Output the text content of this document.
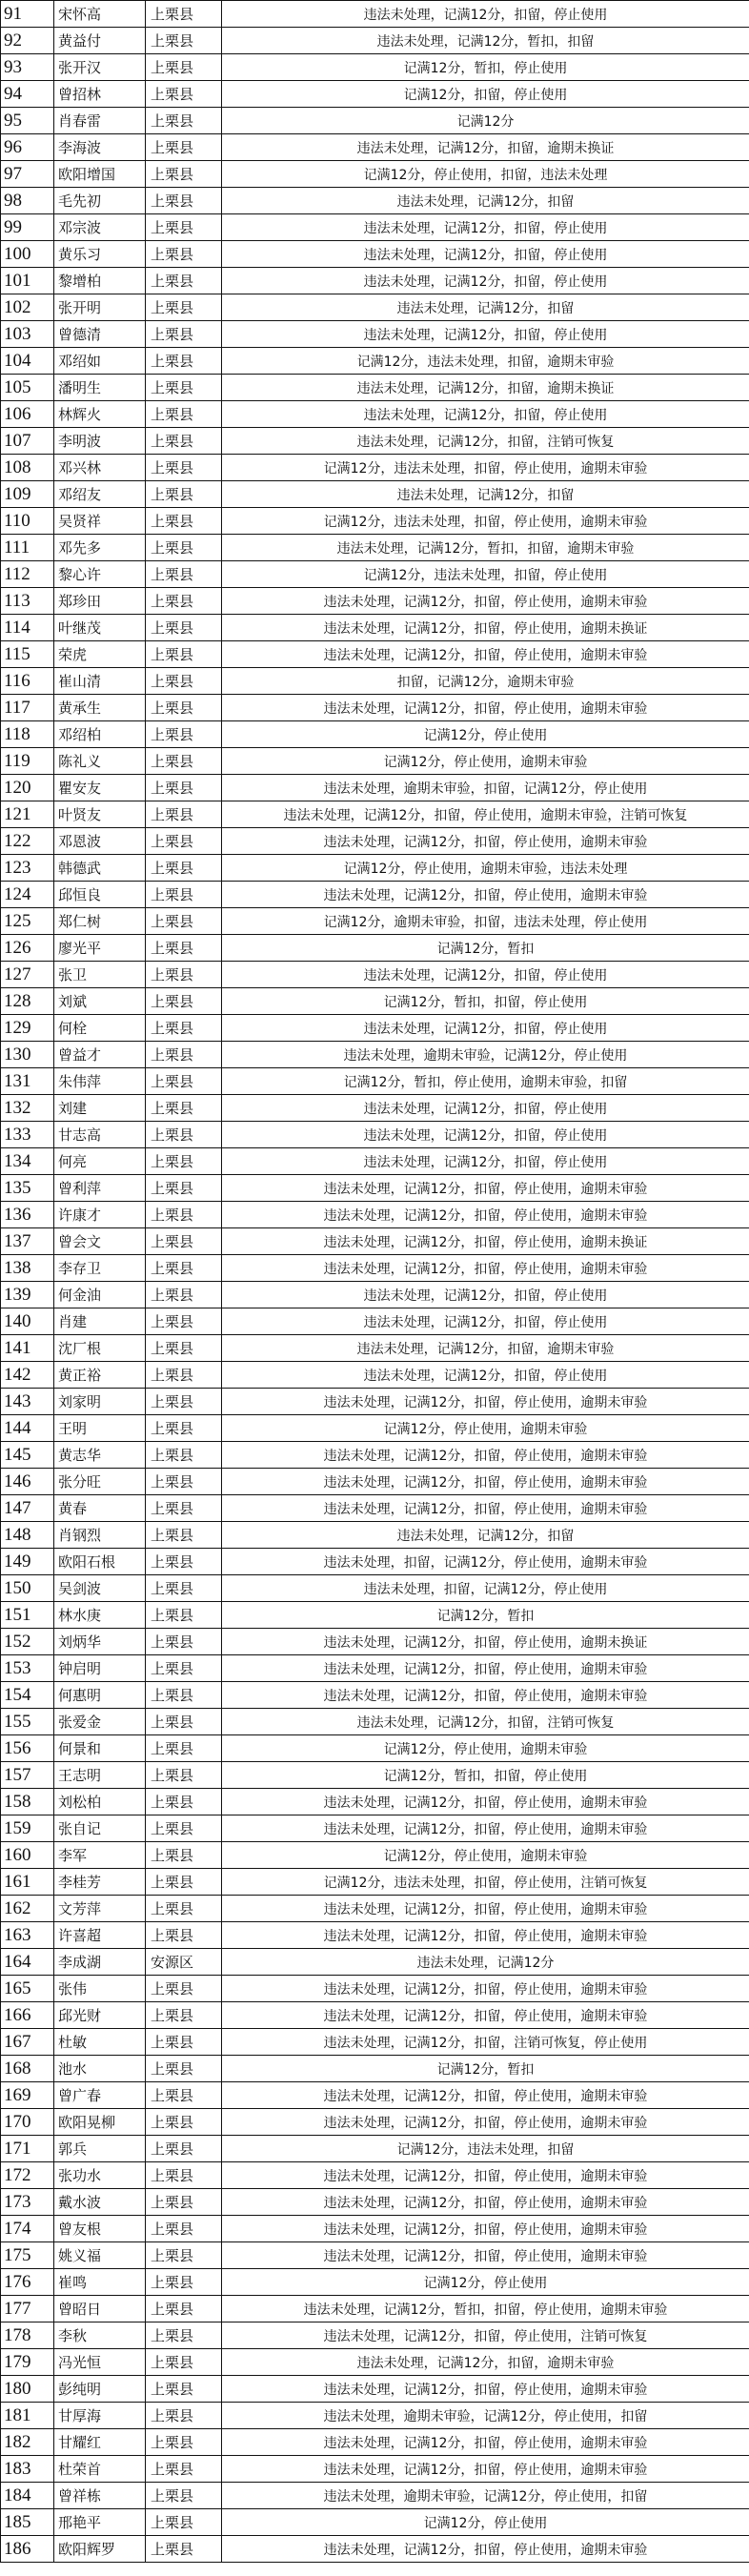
91	宋怀高	上栗县	违法未处理，记满12分，扣留，停止使用
92	黄益付	上栗县	违法未处理，记满12分，暂扣，扣留
93	张开汉	上栗县	记满12分，暂扣，停止使用
94	曾招林	上栗县	记满12分，扣留，停止使用
95	肖春雷	上栗县	记满12分
96	李海波	上栗县	违法未处理，记满12分，扣留，逾期未换证
97	欧阳增国	上栗县	记满12分，停止使用，扣留，违法未处理
98	毛先初	上栗县	违法未处理，记满12分，扣留
99	邓宗波	上栗县	违法未处理，记满12分，扣留，停止使用
100	黄乐习	上栗县	违法未处理，记满12分，扣留，停止使用
101	黎增柏	上栗县	违法未处理，记满12分，扣留，停止使用
102	张开明	上栗县	违法未处理，记满12分，扣留
103	曾德清	上栗县	违法未处理，记满12分，扣留，停止使用
104	邓绍如	上栗县	记满12分，违法未处理，扣留，逾期未审验
105	潘明生	上栗县	违法未处理，记满12分，扣留，逾期未换证
106	林辉火	上栗县	违法未处理，记满12分，扣留，停止使用
107	李明波	上栗县	违法未处理，记满12分，扣留，注销可恢复
108	邓兴林	上栗县	记满12分，违法未处理，扣留，停止使用，逾期未审验
109	邓绍友	上栗县	违法未处理，记满12分，扣留
110	吴贤祥	上栗县	记满12分，违法未处理，扣留，停止使用，逾期未审验
111	邓先多	上栗县	违法未处理，记满12分，暂扣，扣留，逾期未审验
112	黎心许	上栗县	记满12分，违法未处理，扣留，停止使用
113	郑珍田	上栗县	违法未处理，记满12分，扣留，停止使用，逾期未审验
114	叶继茂	上栗县	违法未处理，记满12分，扣留，停止使用，逾期未换证
115	荣虎	上栗县	违法未处理，记满12分，扣留，停止使用，逾期未审验
116	崔山清	上栗县	扣留，记满12分，逾期未审验
117	黄承生	上栗县	违法未处理，记满12分，扣留，停止使用，逾期未审验
118	邓绍柏	上栗县	记满12分，停止使用
119	陈礼义	上栗县	记满12分，停止使用，逾期未审验
120	瞿安友	上栗县	违法未处理，逾期未审验，扣留，记满12分，停止使用
121	叶贤友	上栗县	违法未处理，记满12分，扣留，停止使用，逾期未审验，注销可恢复
122	邓恩波	上栗县	违法未处理，记满12分，扣留，停止使用，逾期未审验
123	韩德武	上栗县	记满12分，停止使用，逾期未审验，违法未处理
124	邱恒良	上栗县	违法未处理，记满12分，扣留，停止使用，逾期未审验
125	郑仁树	上栗县	记满12分，逾期未审验，扣留，违法未处理，停止使用
126	廖光平	上栗县	记满12分，暂扣
127	张卫	上栗县	违法未处理，记满12分，扣留，停止使用
128	刘斌	上栗县	记满12分，暂扣，扣留，停止使用
129	何栓	上栗县	违法未处理，记满12分，扣留，停止使用
130	曾益才	上栗县	违法未处理，逾期未审验，记满12分，停止使用
131	朱伟萍	上栗县	记满12分，暂扣，停止使用，逾期未审验，扣留
132	刘建	上栗县	违法未处理，记满12分，扣留，停止使用
133	甘志高	上栗县	违法未处理，记满12分，扣留，停止使用
134	何亮	上栗县	违法未处理，记满12分，扣留，停止使用
135	曾利萍	上栗县	违法未处理，记满12分，扣留，停止使用，逾期未审验
136	许康才	上栗县	违法未处理，记满12分，扣留，停止使用，逾期未审验
137	曾会文	上栗县	违法未处理，记满12分，扣留，停止使用，逾期未换证
138	李存卫	上栗县	违法未处理，记满12分，扣留，停止使用，逾期未审验
139	何金油	上栗县	违法未处理，记满12分，扣留，停止使用
140	肖建	上栗县	违法未处理，记满12分，扣留，停止使用
141	沈厂根	上栗县	违法未处理，记满12分，扣留，逾期未审验
142	黄正裕	上栗县	违法未处理，记满12分，扣留，停止使用
143	刘家明	上栗县	违法未处理，记满12分，扣留，停止使用，逾期未审验
144	王明	上栗县	记满12分，停止使用，逾期未审验
145	黄志华	上栗县	违法未处理，记满12分，扣留，停止使用，逾期未审验
146	张分旺	上栗县	违法未处理，记满12分，扣留，停止使用，逾期未审验
147	黄春	上栗县	违法未处理，记满12分，扣留，停止使用，逾期未审验
148	肖钢烈	上栗县	违法未处理，记满12分，扣留
149	欧阳石根	上栗县	违法未处理，扣留，记满12分，停止使用，逾期未审验
150	吴剑波	上栗县	违法未处理，扣留，记满12分，停止使用
151	林水庚	上栗县	记满12分，暂扣
152	刘炳华	上栗县	违法未处理，记满12分，扣留，停止使用，逾期未换证
153	钟启明	上栗县	违法未处理，记满12分，扣留，停止使用，逾期未审验
154	何惠明	上栗县	违法未处理，记满12分，扣留，停止使用，逾期未审验
155	张爱金	上栗县	违法未处理，记满12分，扣留，注销可恢复
156	何景和	上栗县	记满12分，停止使用，逾期未审验
157	王志明	上栗县	记满12分，暂扣，扣留，停止使用
158	刘松柏	上栗县	违法未处理，记满12分，扣留，停止使用，逾期未审验
159	张自记	上栗县	违法未处理，记满12分，扣留，停止使用，逾期未审验
160	李军	上栗县	记满12分，停止使用，逾期未审验
161	李桂芳	上栗县	记满12分，违法未处理，扣留，停止使用，注销可恢复
162	文芳萍	上栗县	违法未处理，记满12分，扣留，停止使用，逾期未审验
163	许喜超	上栗县	违法未处理，记满12分，扣留，停止使用，逾期未审验
164	李成湖	安源区	违法未处理，记满12分
165	张伟	上栗县	违法未处理，记满12分，扣留，停止使用，逾期未审验
166	邱光财	上栗县	违法未处理，记满12分，扣留，停止使用，逾期未审验
167	杜敏	上栗县	违法未处理，记满12分，扣留，注销可恢复，停止使用
168	池水	上栗县	记满12分，暂扣
169	曾广春	上栗县	违法未处理，记满12分，扣留，停止使用，逾期未审验
170	欧阳晃柳	上栗县	违法未处理，记满12分，扣留，停止使用，逾期未审验
171	郭兵	上栗县	记满12分，违法未处理，扣留
172	张功水	上栗县	违法未处理，记满12分，扣留，停止使用，逾期未审验
173	戴水波	上栗县	违法未处理，记满12分，扣留，停止使用，逾期未审验
174	曾友根	上栗县	违法未处理，记满12分，扣留，停止使用，逾期未审验
175	姚义福	上栗县	违法未处理，记满12分，扣留，停止使用，逾期未审验
176	崔鸣	上栗县	记满12分，停止使用
177	曾昭日	上栗县	违法未处理，记满12分，暂扣，扣留，停止使用，逾期未审验
178	李秋	上栗县	违法未处理，记满12分，扣留，停止使用，注销可恢复
179	冯光恒	上栗县	违法未处理，记满12分，扣留，逾期未审验
180	彭纯明	上栗县	违法未处理，记满12分，扣留，停止使用，逾期未审验
181	甘厚海	上栗县	违法未处理，逾期未审验，记满12分，停止使用，扣留
182	甘耀红	上栗县	违法未处理，记满12分，扣留，停止使用，逾期未审验
183	杜荣首	上栗县	违法未处理，记满12分，扣留，停止使用，逾期未审验
184	曾祥栋	上栗县	违法未处理，逾期未审验，记满12分，停止使用，扣留
185	邢艳平	上栗县	记满12分，停止使用
186	欧阳辉罗	上栗县	违法未处理，记满12分，扣留，停止使用，逾期未审验
